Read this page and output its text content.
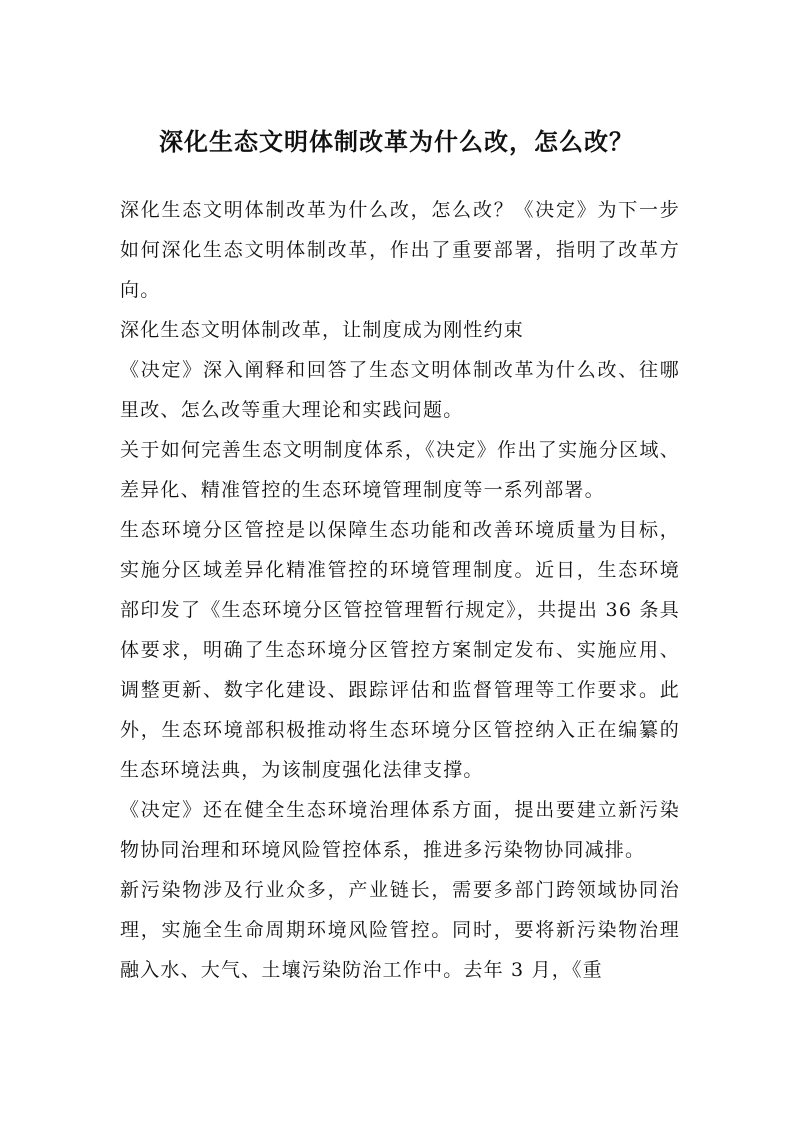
深化生态文明体制改革为什么改，怎么改？

深化生态文明体制改革为什么改，怎么改？《决定》为下一步如何深化生态文明体制改革，作出了重要部署，指明了改革方向。

深化生态文明体制改革，让制度成为刚性约束

《决定》深入阐释和回答了生态文明体制改革为什么改、往哪里改、怎么改等重大理论和实践问题。

关于如何完善生态文明制度体系，《决定》作出了实施分区域、差异化、精准管控的生态环境管理制度等一系列部署。

生态环境分区管控是以保障生态功能和改善环境质量为目标，实施分区域差异化精准管控的环境管理制度。近日，生态环境部印发了《生态环境分区管控管理暂行规定》，共提出 36 条具体要求，明确了生态环境分区管控方案制定发布、实施应用、调整更新、数字化建设、跟踪评估和监督管理等工作要求。此外，生态环境部积极推动将生态环境分区管控纳入正在编纂的生态环境法典，为该制度强化法律支撑。

《决定》还在健全生态环境治理体系方面，提出要建立新污染物协同治理和环境风险管控体系，推进多污染物协同减排。

新污染物涉及行业众多，产业链长，需要多部门跨领域协同治理，实施全生命周期环境风险管控。同时，要将新污染物治理融入水、大气、土壤污染防治工作中。去年 3 月，《重
